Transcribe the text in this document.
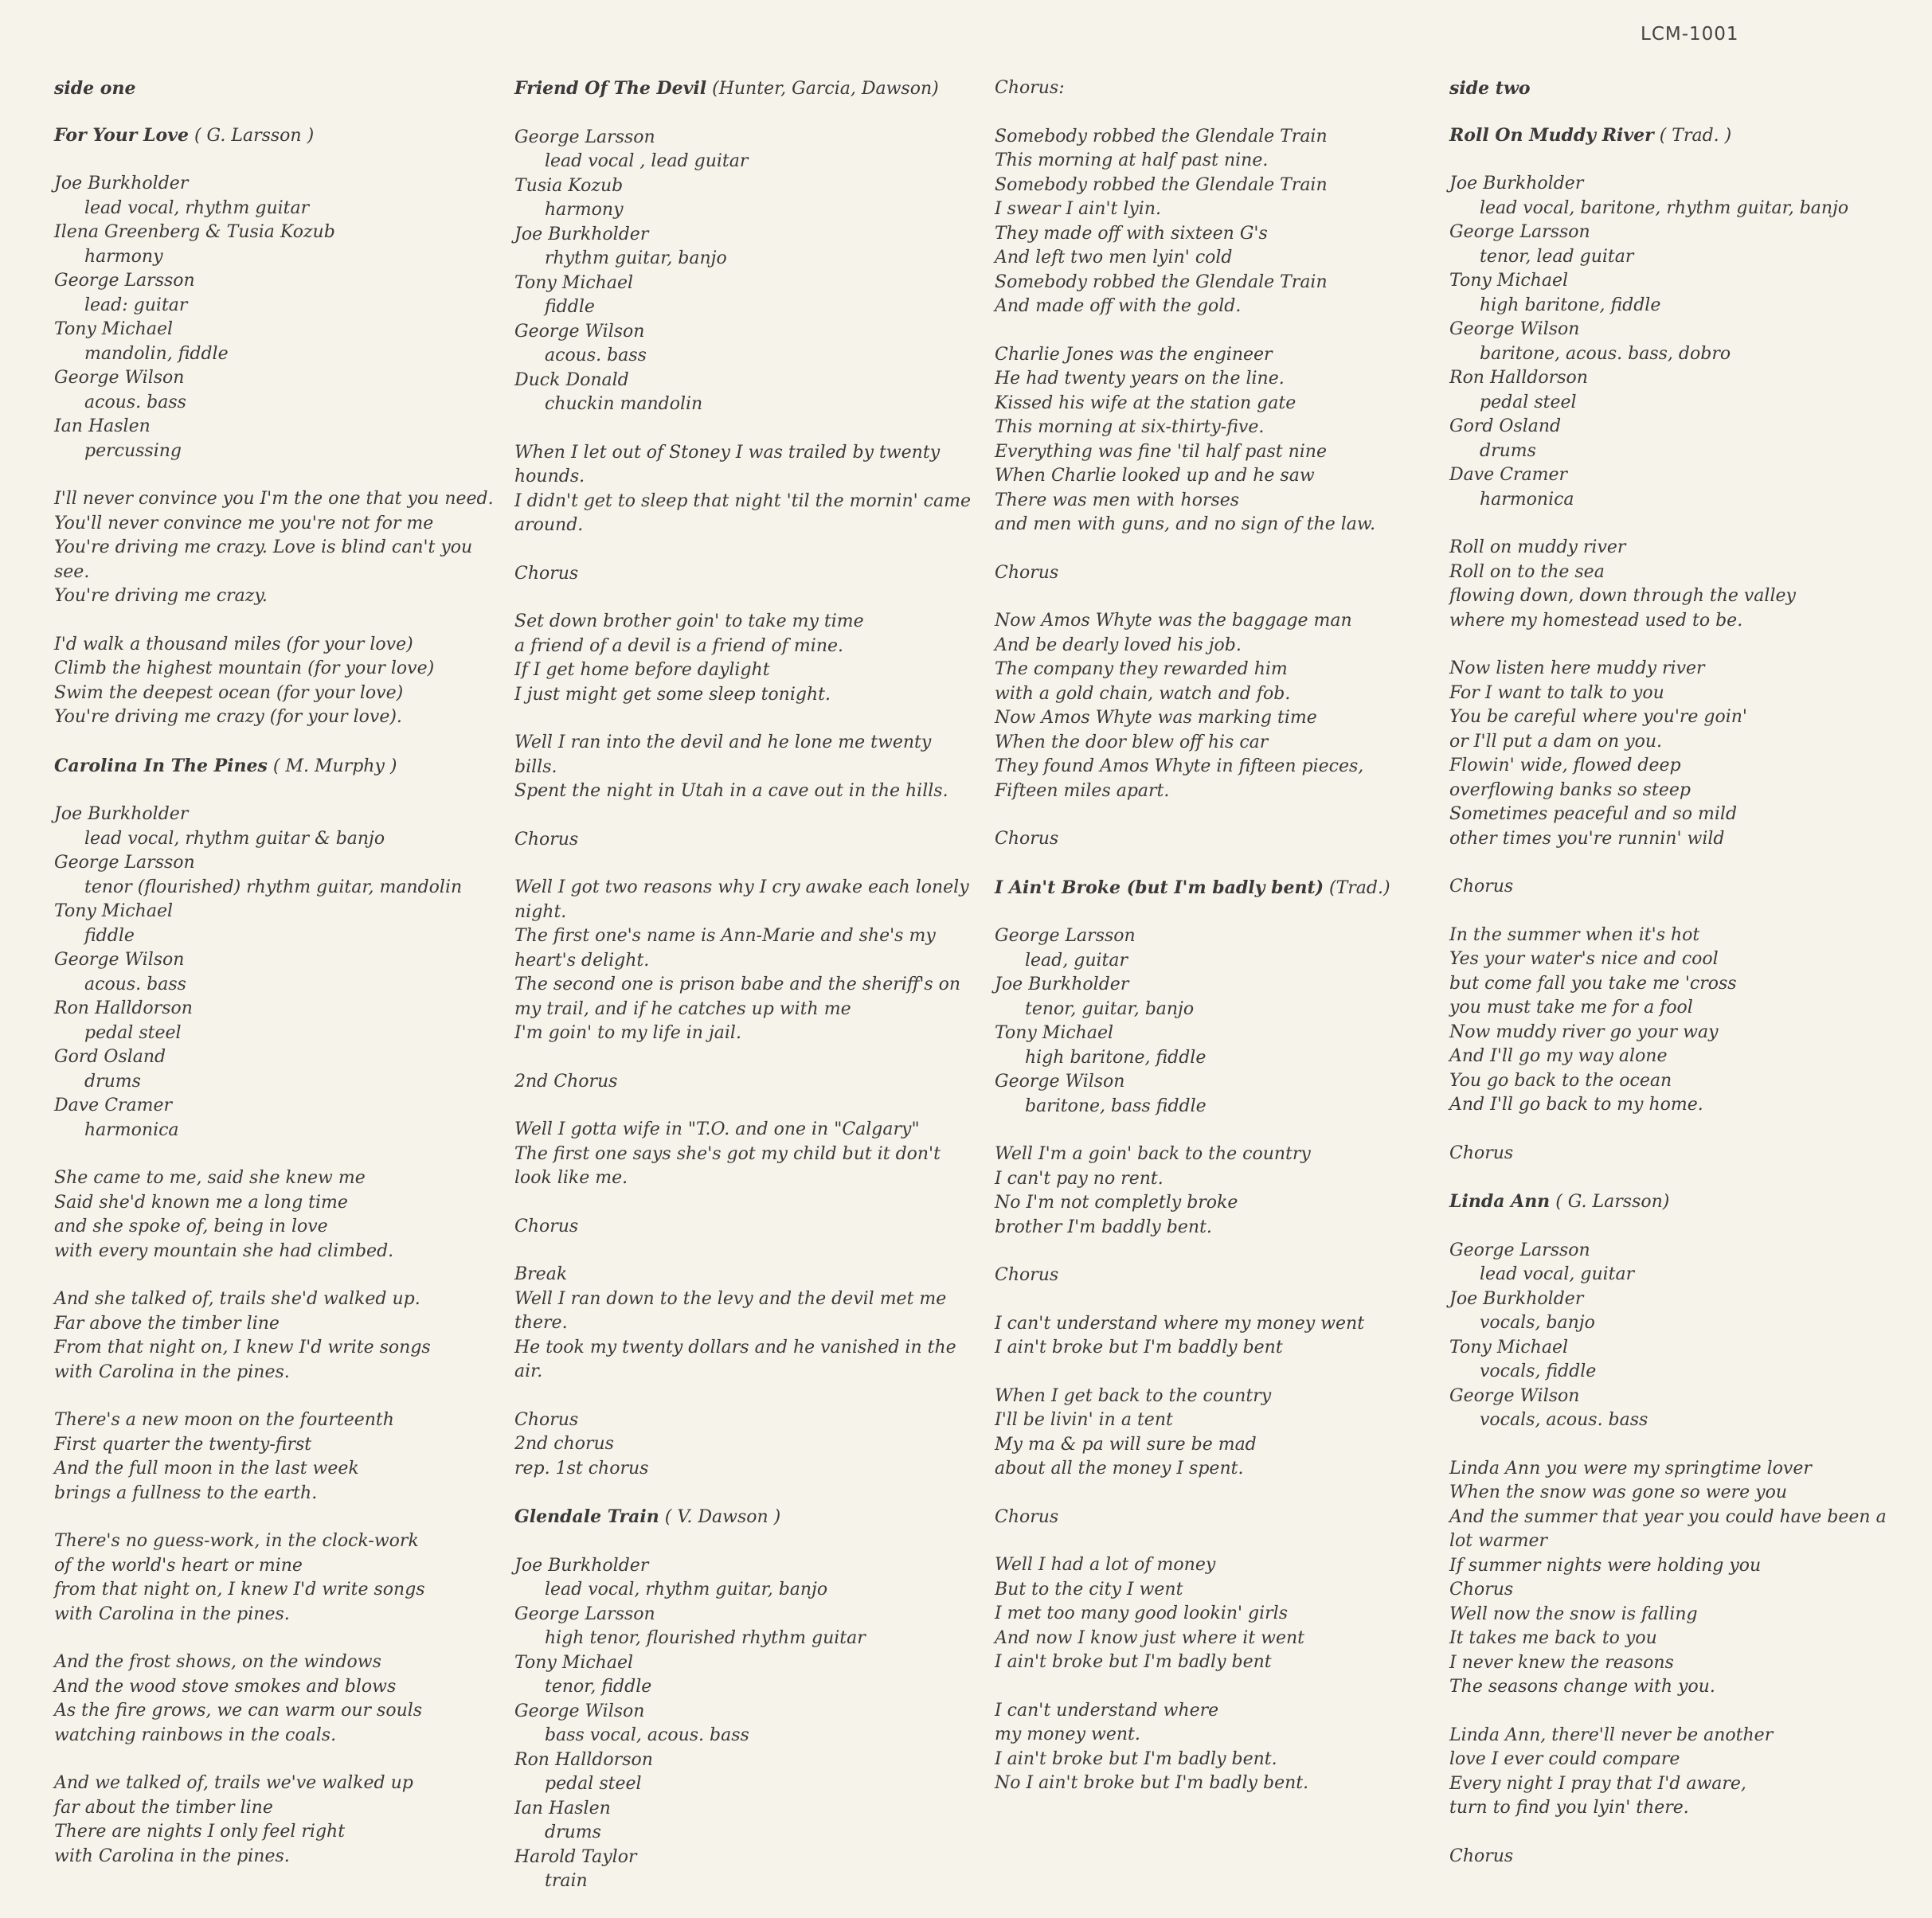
LCM-1001
side one
For Your Love ( G. Larsson )
Joe Burkholder
lead vocal, rhythm guitar
Ilena Greenberg & Tusia Kozub
harmony
George Larsson
lead: guitar
Tony Michael
mandolin, fiddle
George Wilson
acous. bass
Ian Haslen
percussing
I'll never convince you I'm the one that you need.
You'll never convince me you're not for me
You're driving me crazy. Love is blind can't you see.
You're driving me crazy.
I'd walk a thousand miles (for your love)
Climb the highest mountain (for your love)
Swim the deepest ocean (for your love)
You're driving me crazy (for your love).
Carolina In The Pines ( M. Murphy )
Joe Burkholder
lead vocal, rhythm guitar & banjo
George Larsson
tenor (flourished) rhythm guitar, mandolin
Tony Michael
fiddle
George Wilson
acous. bass
Ron Halldorson
pedal steel
Gord Osland
drums
Dave Cramer
harmonica
She came to me, said she knew me
Said she'd known me a long time
and she spoke of, being in love
with every mountain she had climbed.
And she talked of, trails she'd walked up.
Far above the timber line
From that night on, I knew I'd write songs
with Carolina in the pines.
There's a new moon on the fourteenth
First quarter the twenty-first
And the full moon in the last week
brings a fullness to the earth.
There's no guess-work, in the clock-work
of the world's heart or mine
from that night on, I knew I'd write songs
with Carolina in the pines.
And the frost shows, on the windows
And the wood stove smokes and blows
As the fire grows, we can warm our souls
watching rainbows in the coals.
And we talked of, trails we've walked up
far about the timber line
There are nights I only feel right
with Carolina in the pines.
Friend Of The Devil (Hunter, Garcia, Dawson)
George Larsson
lead vocal , lead guitar
Tusia Kozub
harmony
Joe Burkholder
rhythm guitar, banjo
Tony Michael
fiddle
George Wilson
acous. bass
Duck Donald
chuckin mandolin
When I let out of Stoney I was trailed by twenty hounds.
I didn't get to sleep that night 'til the mornin' came around.
Chorus
Set down brother goin' to take my time
a friend of a devil is a friend of mine.
If I get home before daylight
I just might get some sleep tonight.
Well I ran into the devil and he lone me twenty bills.
Spent the night in Utah in a cave out in the hills.
Chorus
Well I got two reasons why I cry awake each lonely night.
The first one's name is Ann-Marie and she's my heart's delight.
The second one is prison babe and the sheriff's on my trail, and if he catches up with me
I'm goin' to my life in jail.
2nd Chorus
Well I gotta wife in "T.O. and one in "Calgary"
The first one says she's got my child but it don't look like me.
Chorus
Break
Well I ran down to the levy and the devil met me there.
He took my twenty dollars and he vanished in the air.
Chorus
2nd chorus
rep. 1st chorus
Glendale Train ( V. Dawson )
Joe Burkholder
lead vocal, rhythm guitar, banjo
George Larsson
high tenor, flourished rhythm guitar
Tony Michael
tenor, fiddle
George Wilson
bass vocal, acous. bass
Ron Halldorson
pedal steel
Ian Haslen
drums
Harold Taylor
train
Chorus:
Somebody robbed the Glendale Train
This morning at half past nine.
Somebody robbed the Glendale Train
I swear I ain't lyin.
They made off with sixteen G's
And left two men lyin' cold
Somebody robbed the Glendale Train
And made off with the gold.
Charlie Jones was the engineer
He had twenty years on the line.
Kissed his wife at the station gate
This morning at six-thirty-five.
Everything was fine 'til half past nine
When Charlie looked up and he saw
There was men with horses
and men with guns, and no sign of the law.
Chorus
Now Amos Whyte was the baggage man
And be dearly loved his job.
The company they rewarded him
with a gold chain, watch and fob.
Now Amos Whyte was marking time
When the door blew off his car
They found Amos Whyte in fifteen pieces,
Fifteen miles apart.
Chorus
I Ain't Broke (but I'm badly bent) (Trad.)
George Larsson
lead, guitar
Joe Burkholder
tenor, guitar, banjo
Tony Michael
high baritone, fiddle
George Wilson
baritone, bass fiddle
Well I'm a goin' back to the country
I can't pay no rent.
No I'm not completly broke
brother I'm baddly bent.
Chorus
I can't understand where my money went
I ain't broke but I'm baddly bent
When I get back to the country
I'll be livin' in a tent
My ma & pa will sure be mad
about all the money I spent.
Chorus
Well I had a lot of money
But to the city I went
I met too many good lookin' girls
And now I know just where it went
I ain't broke but I'm badly bent
I can't understand where
my money went.
I ain't broke but I'm badly bent.
No I ain't broke but I'm badly bent.
side two
Roll On Muddy River ( Trad. )
Joe Burkholder
lead vocal, baritone, rhythm guitar, banjo
George Larsson
tenor, lead guitar
Tony Michael
high baritone, fiddle
George Wilson
baritone, acous. bass, dobro
Ron Halldorson
pedal steel
Gord Osland
drums
Dave Cramer
harmonica
Roll on muddy river
Roll on to the sea
flowing down, down through the valley
where my homestead used to be.
Now listen here muddy river
For I want to talk to you
You be careful where you're goin'
or I'll put a dam on you.
Flowin' wide, flowed deep
overflowing banks so steep
Sometimes peaceful and so mild
other times you're runnin' wild
Chorus
In the summer when it's hot
Yes your water's nice and cool
but come fall you take me 'cross
you must take me for a fool
Now muddy river go your way
And I'll go my way alone
You go back to the ocean
And I'll go back to my home.
Chorus
Linda Ann ( G. Larsson)
George Larsson
lead vocal, guitar
Joe Burkholder
vocals, banjo
Tony Michael
vocals, fiddle
George Wilson
vocals, acous. bass
Linda Ann you were my springtime lover
When the snow was gone so were you
And the summer that year you could have been a lot warmer
If summer nights were holding you
Chorus
Well now the snow is falling
It takes me back to you
I never knew the reasons
The seasons change with you.
Linda Ann, there'll never be another
love I ever could compare
Every night I pray that I'd aware,
turn to find you lyin' there.
Chorus
